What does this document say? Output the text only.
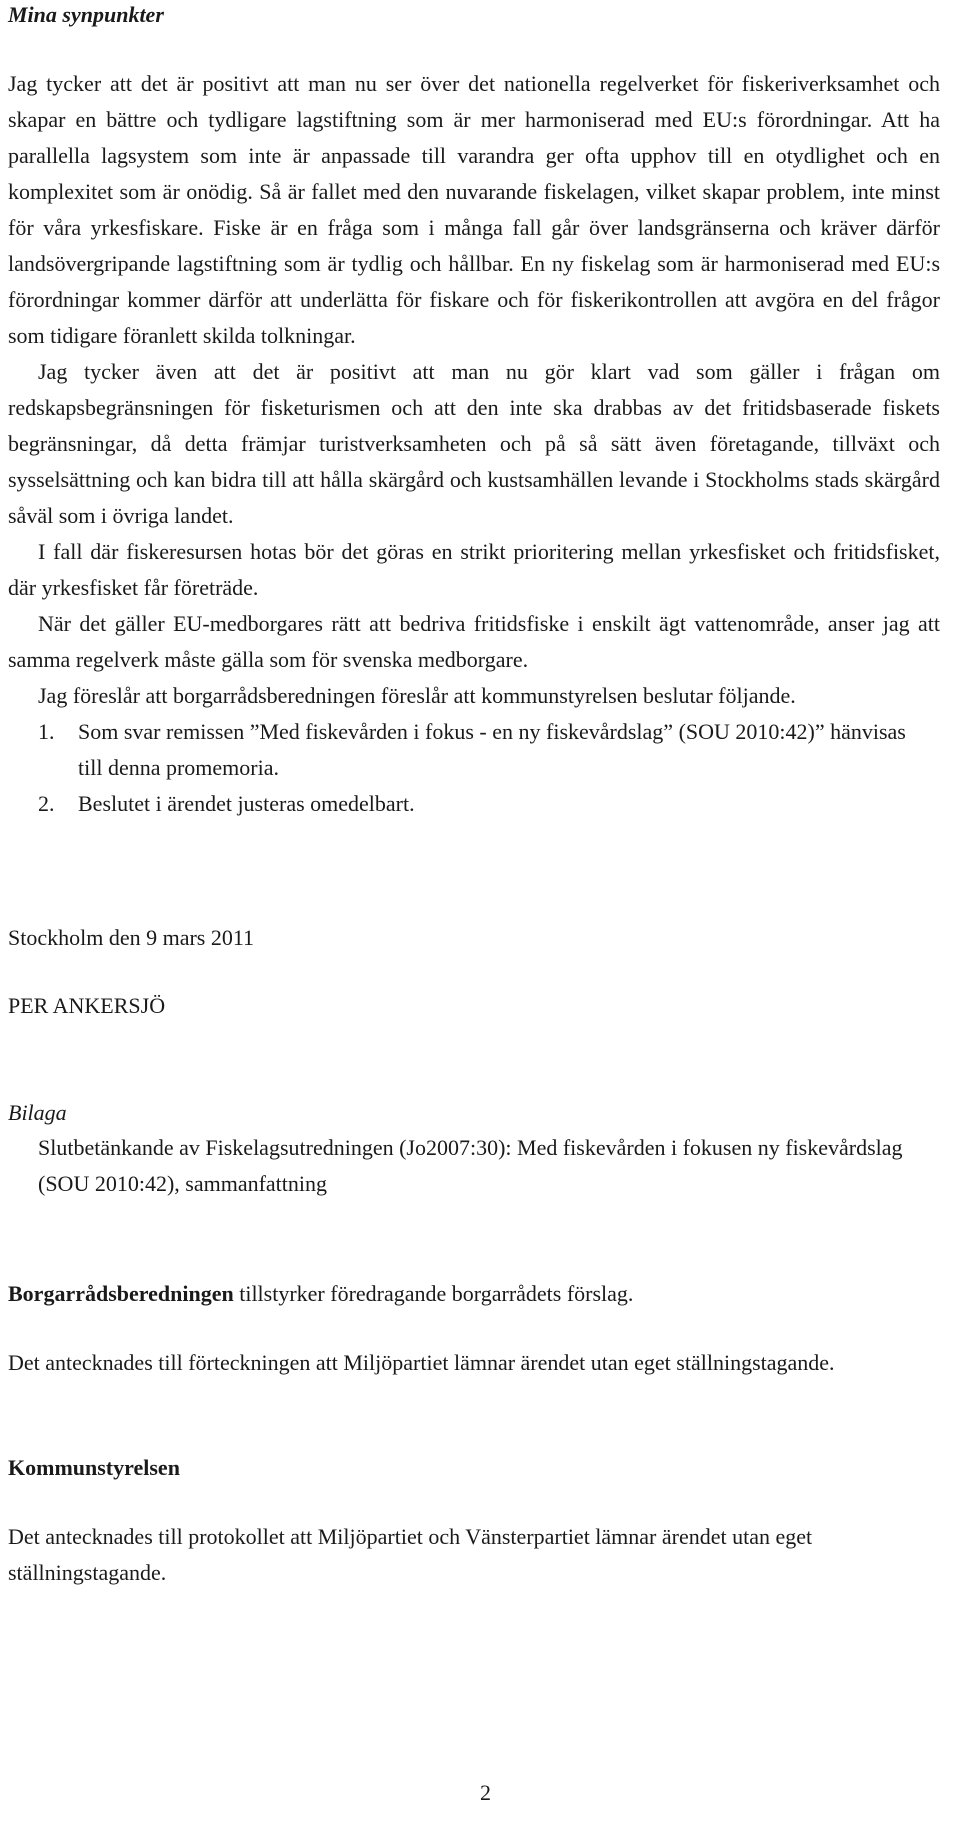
Mina synpunkter

Jag tycker att det är positivt att man nu ser över det nationella regelverket för fiskeriverksamhet och skapar en bättre och tydligare lagstiftning som är mer harmoniserad med EU:s förordningar. Att ha parallella lagsystem som inte är anpassade till varandra ger ofta upphov till en otydlighet och en komplexitet som är onödig. Så är fallet med den nuvarande fiskelagen, vilket skapar problem, inte minst för våra yrkesfiskare. Fiske är en fråga som i många fall går över landsgränserna och kräver därför landsövergripande lagstiftning som är tydlig och hållbar. En ny fiskelag som är harmoniserad med EU:s förordningar kommer därför att underlätta för fiskare och för fiskerikontrollen att avgöra en del frågor som tidigare föranlett skilda tolkningar.

Jag tycker även att det är positivt att man nu gör klart vad som gäller i frågan om redskapsbegränsningen för fisketurismen och att den inte ska drabbas av det fritidsbaserade fiskets begränsningar, då detta främjar turistverksamheten och på så sätt även företagande, tillväxt och sysselsättning och kan bidra till att hålla skärgård och kustsamhällen levande i Stockholms stads skärgård såväl som i övriga landet.

I fall där fiskeresursen hotas bör det göras en strikt prioritering mellan yrkesfisket och fritidsfisket, där yrkesfisket får företräde.

När det gäller EU-medborgares rätt att bedriva fritidsfiske i enskilt ägt vattenområde, anser jag att samma regelverk måste gälla som för svenska medborgare.

Jag föreslår att borgarrådsberedningen föreslår att kommunstyrelsen beslutar följande.

1.	Som svar remissen ”Med fiskevården i fokus - en ny fiskevårdslag” (SOU 2010:42)” hänvisas till denna promemoria.
2.	Beslutet i ärendet justeras omedelbart.

Stockholm den 9 mars 2011

PER ANKERSJÖ

Bilaga

Slutbetänkande av Fiskelagsutredningen (Jo2007:30): Med fiskevården i fokusen ny fiskevårdslag (SOU 2010:42), sammanfattning

Borgarrådsberedningen tillstyrker föredragande borgarrådets förslag.

Det antecknades till förteckningen att Miljöpartiet lämnar ärendet utan eget ställningstagande.

Kommunstyrelsen

Det antecknades till protokollet att Miljöpartiet och Vänsterpartiet lämnar ärendet utan eget ställningstagande.

2
